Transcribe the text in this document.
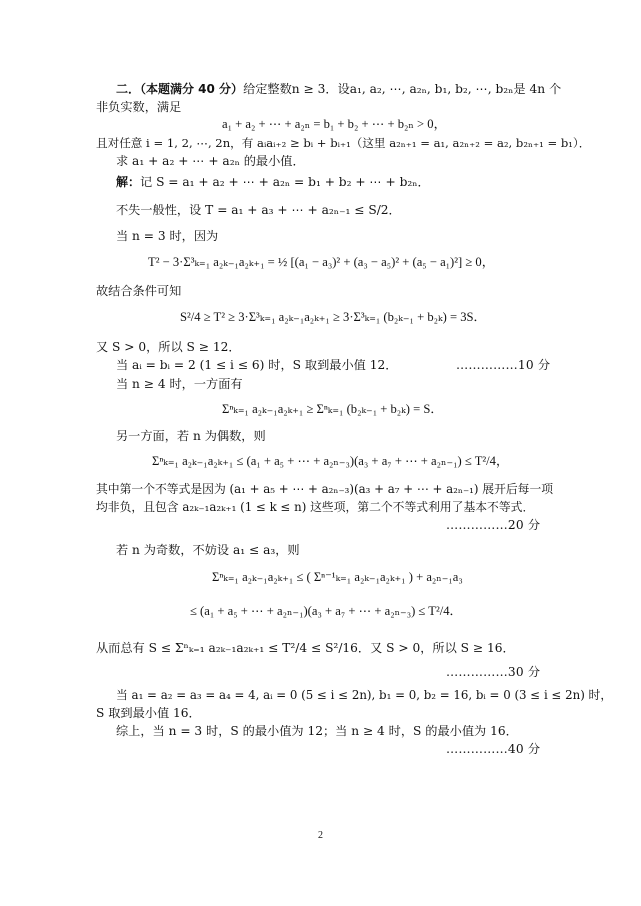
二．（本题满分 40 分）给定整数n ≥ 3．设a₁, a₂, ⋯, a₂ₙ, b₁, b₂, ⋯, b₂ₙ是 4n 个
非负实数，满足
a₁ + a₂ + ⋯ + a₂ₙ = b₁ + b₂ + ⋯ + b₂ₙ > 0，
且对任意 i = 1, 2, ⋯, 2n，有 aᵢaᵢ₊₂ ≥ bᵢ + bᵢ₊₁（这里 a₂ₙ₊₁ = a₁, a₂ₙ₊₂ = a₂, b₂ₙ₊₁ = b₁）．
求 a₁ + a₂ + ⋯ + a₂ₙ 的最小值．
解：记 S = a₁ + a₂ + ⋯ + a₂ₙ = b₁ + b₂ + ⋯ + b₂ₙ．
不失一般性，设 T = a₁ + a₃ + ⋯ + a₂ₙ₋₁ ≤ S/2．
当 n = 3 时，因为
T² − 3·Σ³ₖ₌₁ a₂ₖ₋₁a₂ₖ₊₁ = ½ [(a₁ − a₃)² + (a₃ − a₅)² + (a₅ − a₁)²] ≥ 0，
故结合条件可知
S²/4 ≥ T² ≥ 3·Σ³ₖ₌₁ a₂ₖ₋₁a₂ₖ₊₁ ≥ 3·Σ³ₖ₌₁ (b₂ₖ₋₁ + b₂ₖ) = 3S．
又 S > 0，所以 S ≥ 12．
当 aᵢ = bᵢ = 2 (1 ≤ i ≤ 6) 时，S 取到最小值 12．	……………10 分
当 n ≥ 4 时，一方面有
Σⁿₖ₌₁ a₂ₖ₋₁a₂ₖ₊₁ ≥ Σⁿₖ₌₁ (b₂ₖ₋₁ + b₂ₖ) = S．
另一方面，若 n 为偶数，则
Σⁿₖ₌₁ a₂ₖ₋₁a₂ₖ₊₁ ≤ (a₁ + a₅ + ⋯ + a₂ₙ₋₃)(a₃ + a₇ + ⋯ + a₂ₙ₋₁) ≤ T²/4，
其中第一个不等式是因为 (a₁ + a₅ + ⋯ + a₂ₙ₋₃)(a₃ + a₇ + ⋯ + a₂ₙ₋₁) 展开后每一项
均非负，且包含 a₂ₖ₋₁a₂ₖ₊₁ (1 ≤ k ≤ n) 这些项，第二个不等式利用了基本不等式．
……………20 分
若 n 为奇数，不妨设 a₁ ≤ a₃，则
Σⁿₖ₌₁ a₂ₖ₋₁a₂ₖ₊₁ ≤ ( Σⁿ⁻¹ₖ₌₁ a₂ₖ₋₁a₂ₖ₊₁ ) + a₂ₙ₋₁a₃
≤ (a₁ + a₅ + ⋯ + a₂ₙ₋₁)(a₃ + a₇ + ⋯ + a₂ₙ₋₃) ≤ T²/4．
从而总有 S ≤ Σⁿₖ₌₁ a₂ₖ₋₁a₂ₖ₊₁ ≤ T²/4 ≤ S²/16．又 S > 0，所以 S ≥ 16．
……………30 分
当 a₁ = a₂ = a₃ = a₄ = 4, aᵢ = 0 (5 ≤ i ≤ 2n), b₁ = 0, b₂ = 16, bᵢ = 0 (3 ≤ i ≤ 2n) 时，
S 取到最小值 16．
综上，当 n = 3 时，S 的最小值为 12；当 n ≥ 4 时，S 的最小值为 16．
……………40 分
2
